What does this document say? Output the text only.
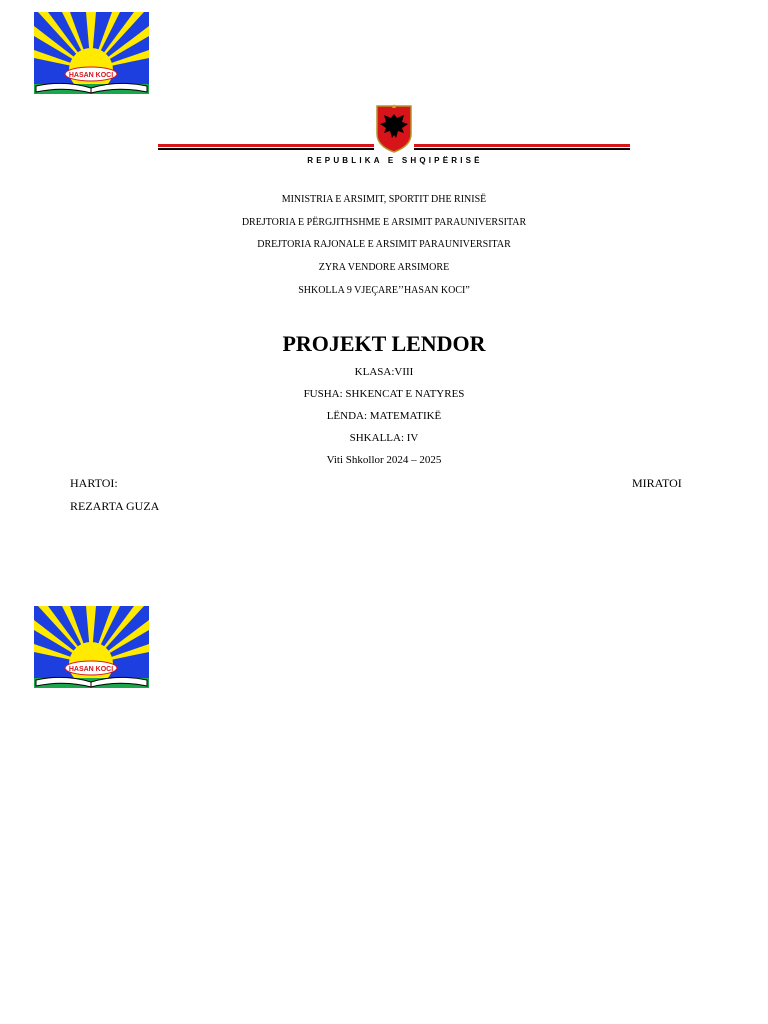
HASAN KOCI
REPUBLIKA E SHQIPËRISË
MINISTRIA E ARSIMIT, SPORTIT DHE RINISË
DREJTORIA E PËRGJITHSHME E ARSIMIT PARAUNIVERSITAR
DREJTORIA RAJONALE E ARSIMIT PARAUNIVERSITAR
ZYRA VENDORE ARSIMORE
SHKOLLA 9 VJEÇARE’’HASAN KOCI”
PROJEKT LENDOR
KLASA:VIII
FUSHA: SHKENCAT E NATYRES
LËNDA: MATEMATIKË
SHKALLA: IV
Viti Shkollor 2024 – 2025
HARTOI:	MIRATOI
REZARTA GUZA
HASAN KOCI
